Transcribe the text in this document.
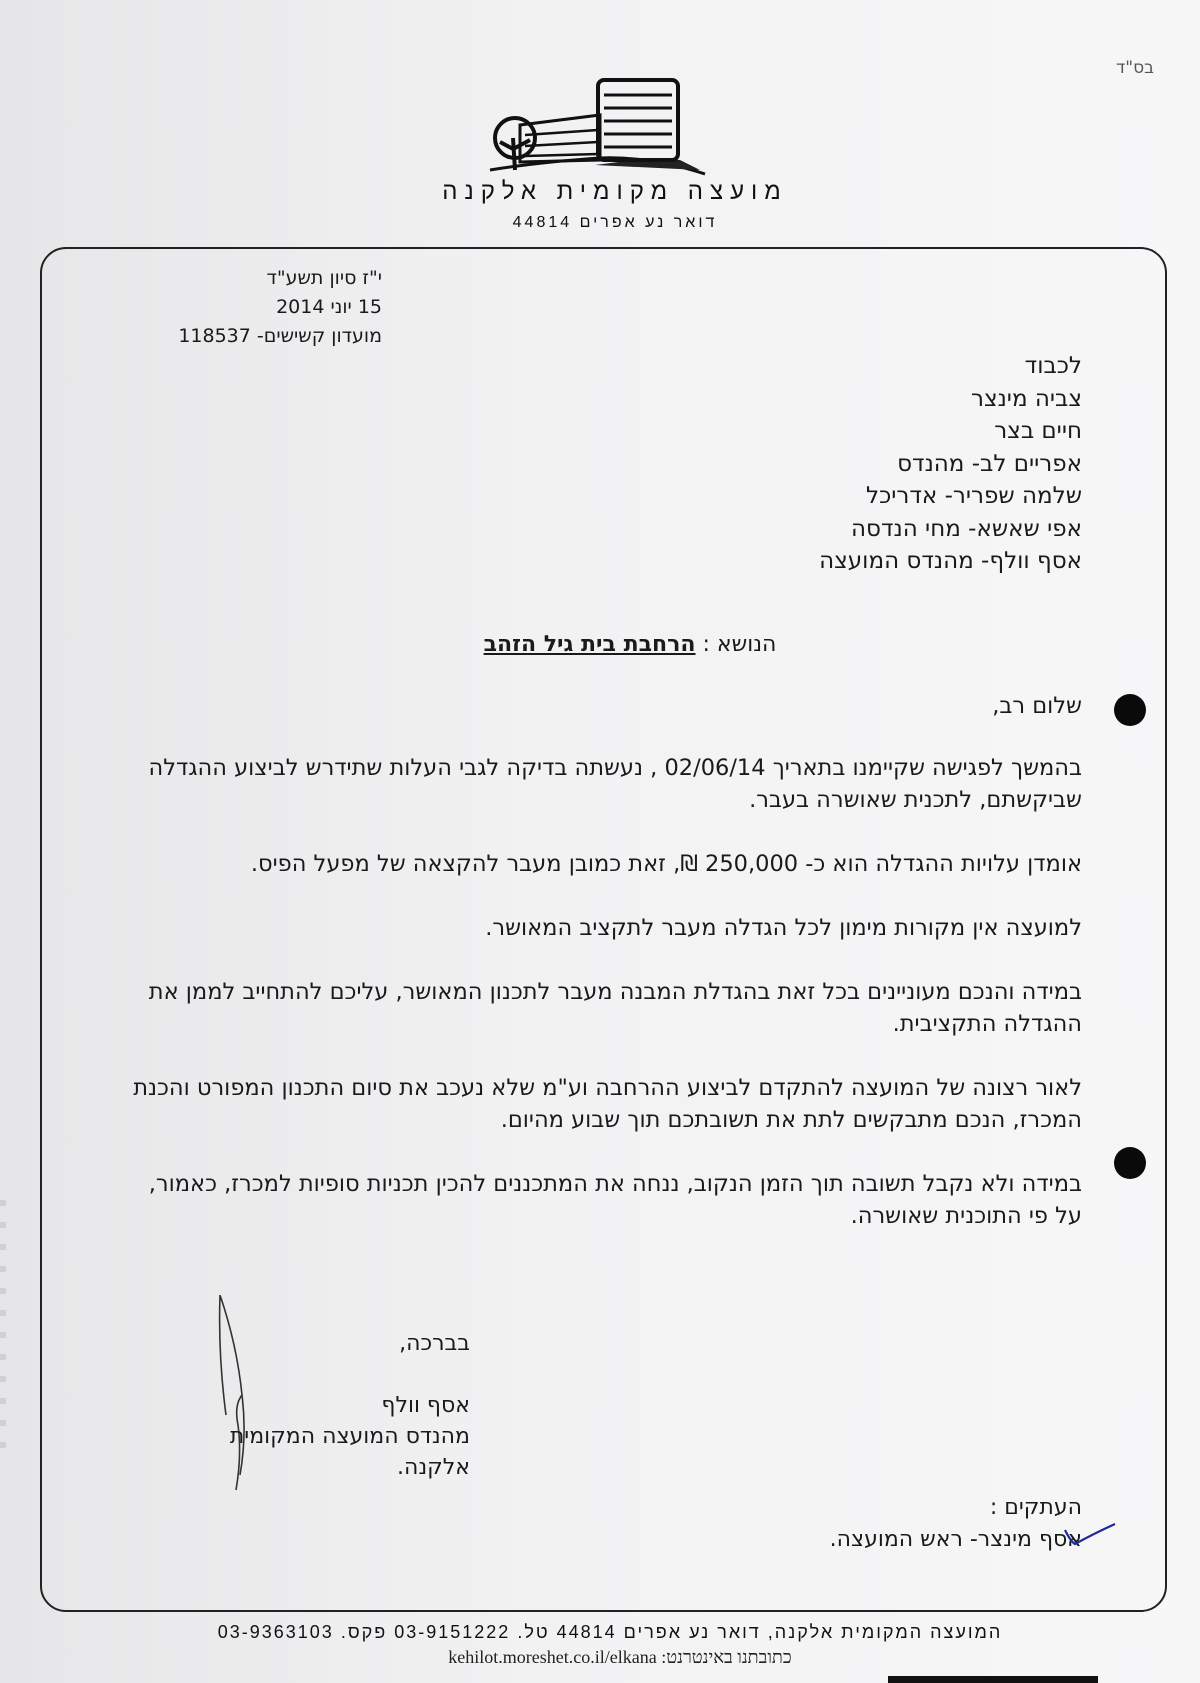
בס"ד
מועצה מקומית אלקנה
דואר נע אפרים 44814
י"ז סיון תשע"ד
15 יוני 2014
מועדון קשישים- 118537
לכבוד
צביה מינצר
חיים בצר
אפריים לב- מהנדס
שלמה שפריר- אדריכל
אפי שאשא- מחי הנדסה
אסף וולף- מהנדס המועצה
הנושא : הרחבת בית גיל הזהב

שלום רב,

בהמשך לפגישה שקיימנו בתאריך 02/06/14 , נעשתה בדיקה לגבי העלות שתידרש לביצוע ההגדלה שביקשתם, לתכנית שאושרה בעבר.

אומדן עלויות ההגדלה הוא כ- 250,000 ₪, זאת כמובן מעבר להקצאה של מפעל הפיס.

למועצה אין מקורות מימון לכל הגדלה מעבר לתקציב המאושר.

במידה והנכם מעוניינים בכל זאת בהגדלת המבנה מעבר לתכנון המאושר, עליכם להתחייב לממן את ההגדלה התקציבית.

לאור רצונה של המועצה להתקדם לביצוע ההרחבה וע"מ שלא נעכב את סיום התכנון המפורט והכנת המכרז, הנכם מתבקשים לתת את תשובתכם תוך שבוע מהיום.

במידה ולא נקבל תשובה תוך הזמן הנקוב, ננחה את המתכננים להכין תכניות סופיות למכרז, כאמור, על פי התוכנית שאושרה.

בברכה,
אסף וולף
מהנדס המועצה המקומית
אלקנה.
העתקים :
אסף מינצר- ראש המועצה.
המועצה המקומית אלקנה, דואר נע אפרים 44814 טל. 03-9151222 פקס. 03-9363103
כתובתנו באינטרנט: kehilot.moreshet.co.il/elkana
